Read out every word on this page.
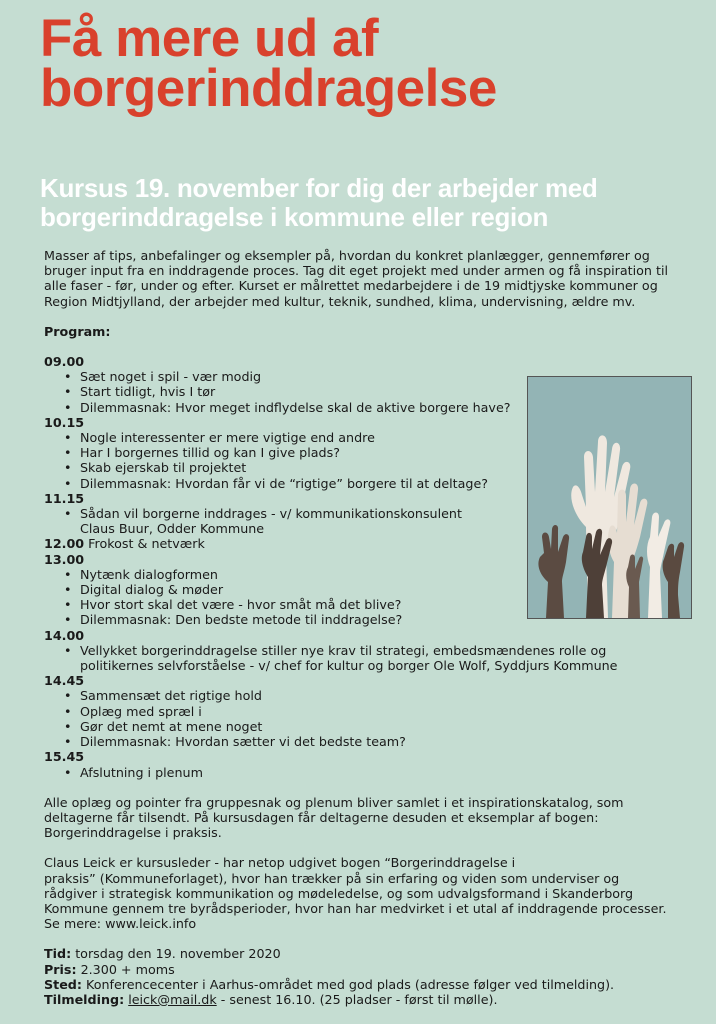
Få mere ud af
borgerinddragelse
Kursus 19. november for dig der arbejder med
borgerinddragelse i kommune eller region

Masser af tips, anbefalinger og eksempler på, hvordan du konkret planlægger, gennemfører og
bruger input fra en inddragende proces. Tag dit eget projekt med under armen og få inspiration til
alle faser - før, under og efter. Kurset er målrettet medarbejdere i de 19 midtjyske kommuner og
Region Midtjylland, der arbejder med kultur, teknik, sundhed, klima, undervisning, ældre mv.

Program:

09.00
• Sæt noget i spil - vær modig
• Start tidligt, hvis I tør
• Dilemmasnak: Hvor meget indflydelse skal de aktive borgere have?
10.15
• Nogle interessenter er mere vigtige end andre
• Har I borgernes tillid og kan I give plads?
• Skab ejerskab til projektet
• Dilemmasnak: Hvordan får vi de “rigtige” borgere til at deltage?
11.15
• Sådan vil borgerne inddrages - v/ kommunikationskonsulent
Claus Buur, Odder Kommune
12.00 Frokost & netværk
13.00
• Nytænk dialogformen
• Digital dialog & møder
• Hvor stort skal det være - hvor småt må det blive?
• Dilemmasnak: Den bedste metode til inddragelse?
14.00
• Vellykket borgerinddragelse stiller nye krav til strategi, embedsmændenes rolle og
politikernes selvforståelse - v/ chef for kultur og borger Ole Wolf, Syddjurs Kommune
14.45
• Sammensæt det rigtige hold
• Oplæg med spræl i
• Gør det nemt at mene noget
• Dilemmasnak: Hvordan sætter vi det bedste team?
15.45
• Afslutning i plenum

Alle oplæg og pointer fra gruppesnak og plenum bliver samlet i et inspirationskatalog, som
deltagerne får tilsendt. På kursusdagen får deltagerne desuden et eksemplar af bogen:
Borgerinddragelse i praksis.

Claus Leick er kursusleder - har netop udgivet bogen “Borgerinddragelse i
praksis” (Kommuneforlaget), hvor han trækker på sin erfaring og viden som underviser og
rådgiver i strategisk kommunikation og mødeledelse, og som udvalgsformand i Skanderborg
Kommune gennem tre byrådsperioder, hvor han har medvirket i et utal af inddragende processer.
Se mere: www.leick.info

Tid: torsdag den 19. november 2020
Pris: 2.300 + moms
Sted: Konferencecenter i Aarhus-området med god plads (adresse følger ved tilmelding).
Tilmelding: leick@mail.dk - senest 16.10. (25 pladser - først til mølle).
